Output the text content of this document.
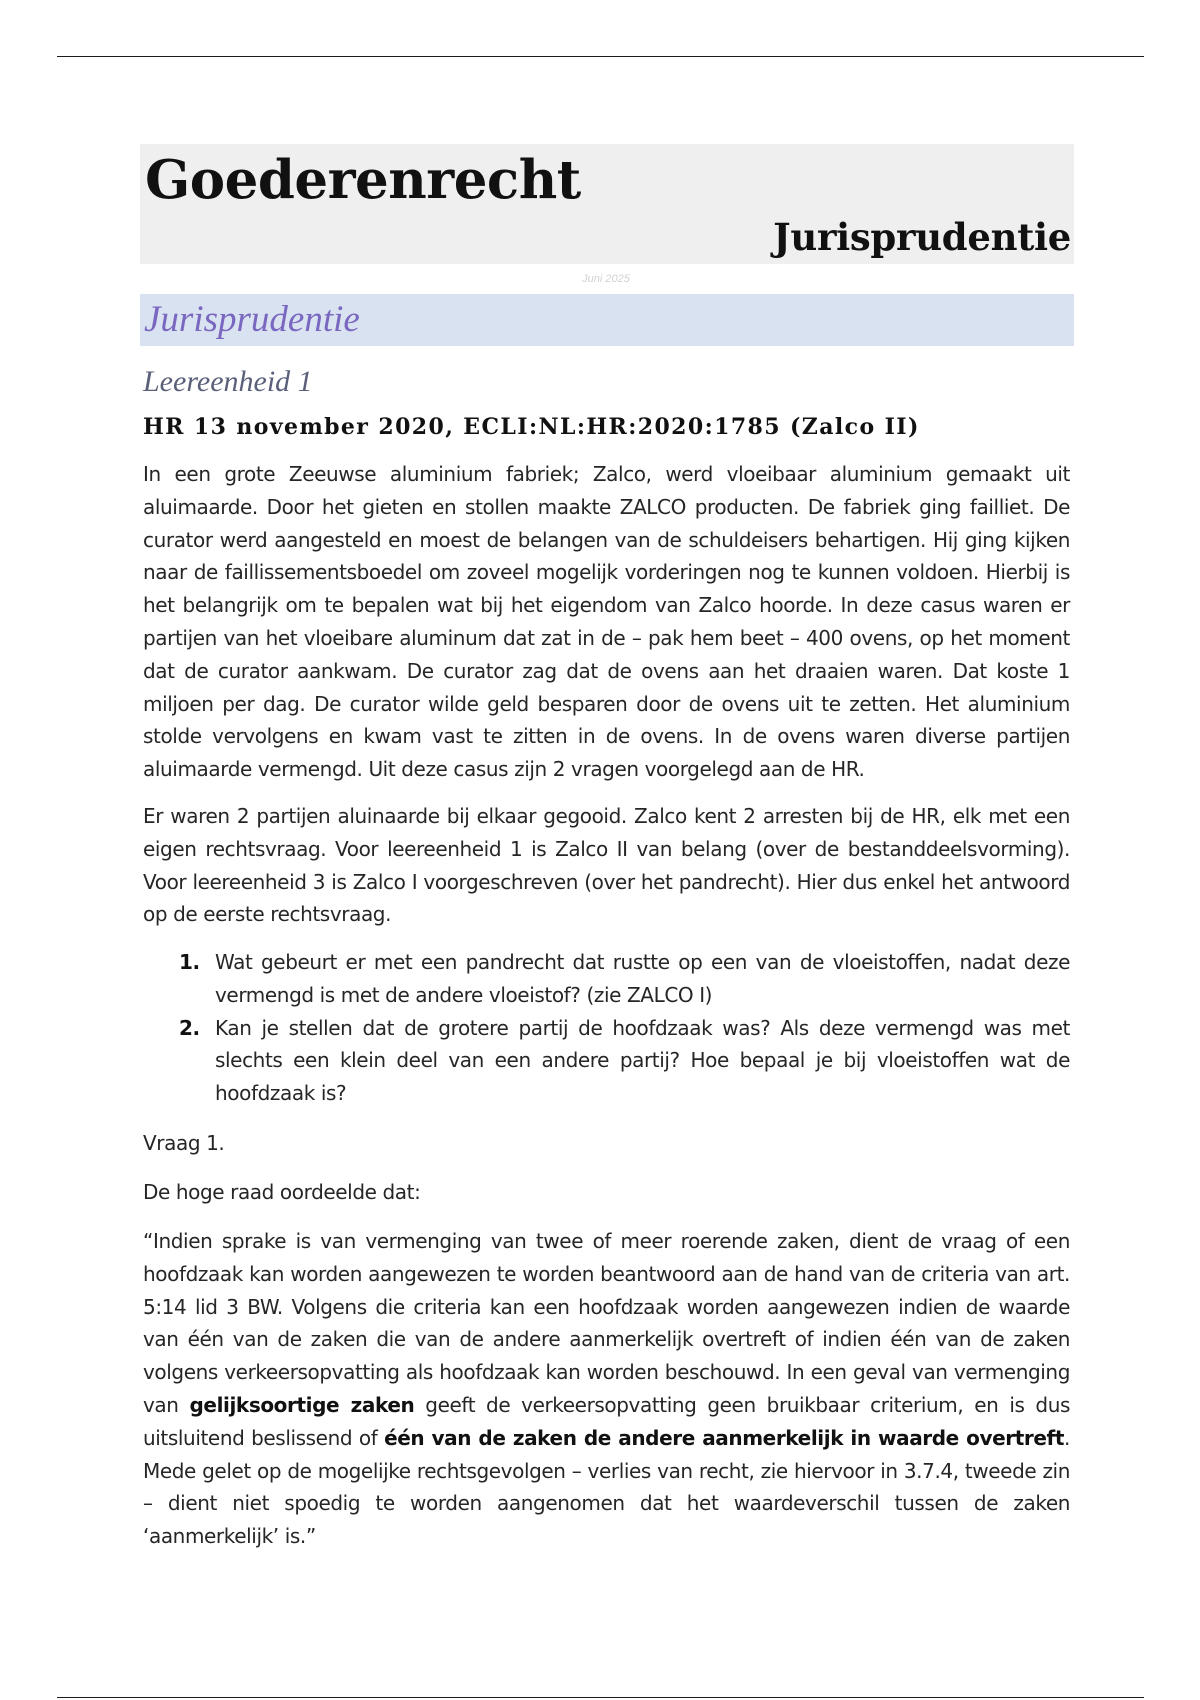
Goederenrecht
Jurisprudentie
Juni 2025
Jurisprudentie
Leereenheid 1
HR 13 november 2020, ECLI:NL:HR:2020:1785 (Zalco II)

In een grote Zeeuwse aluminium fabriek; Zalco, werd vloeibaar aluminium gemaakt uit aluimaarde. Door het gieten en stollen maakte ZALCO producten. De fabriek ging failliet. De curator werd aangesteld en moest de belangen van de schuldeisers behartigen. Hij ging kijken naar de faillissementsboedel om zoveel mogelijk vorderingen nog te kunnen voldoen. Hierbij is het belangrijk om te bepalen wat bij het eigendom van Zalco hoorde. In deze casus waren er partijen van het vloeibare aluminum dat zat in de – pak hem beet – 400 ovens, op het moment dat de curator aankwam. De curator zag dat de ovens aan het draaien waren. Dat koste 1 miljoen per dag. De curator wilde geld besparen door de ovens uit te zetten. Het aluminium stolde vervolgens en kwam vast te zitten in de ovens. In de ovens waren diverse partijen aluimaarde vermengd. Uit deze casus zijn 2 vragen voorgelegd aan de HR.

Er waren 2 partijen aluinaarde bij elkaar gegooid. Zalco kent 2 arresten bij de HR, elk met een eigen rechtsvraag. Voor leereenheid 1 is Zalco II van belang (over de bestanddeelsvorming). Voor leereenheid 3 is Zalco I voorgeschreven (over het pandrecht). Hier dus enkel het antwoord op de eerste rechtsvraag.

1. Wat gebeurt er met een pandrecht dat rustte op een van de vloeistoffen, nadat deze vermengd is met de andere vloeistof? (zie ZALCO I)
2. Kan je stellen dat de grotere partij de hoofdzaak was? Als deze vermengd was met slechts een klein deel van een andere partij? Hoe bepaal je bij vloeistoffen wat de hoofdzaak is?

Vraag 1.

De hoge raad oordeelde dat:

“Indien sprake is van vermenging van twee of meer roerende zaken, dient de vraag of een hoofdzaak kan worden aangewezen te worden beantwoord aan de hand van de criteria van art. 5:14 lid 3 BW. Volgens die criteria kan een hoofdzaak worden aangewezen indien de waarde van één van de zaken die van de andere aanmerkelijk overtreft of indien één van de zaken volgens verkeersopvatting als hoofdzaak kan worden beschouwd. In een geval van vermenging van gelijksoortige zaken geeft de verkeersopvatting geen bruikbaar criterium, en is dus uitsluitend beslissend of één van de zaken de andere aanmerkelijk in waarde overtreft. Mede gelet op de mogelijke rechtsgevolgen – verlies van recht, zie hiervoor in 3.7.4, tweede zin – dient niet spoedig te worden aangenomen dat het waardeverschil tussen de zaken ‘aanmerkelijk’ is.”
